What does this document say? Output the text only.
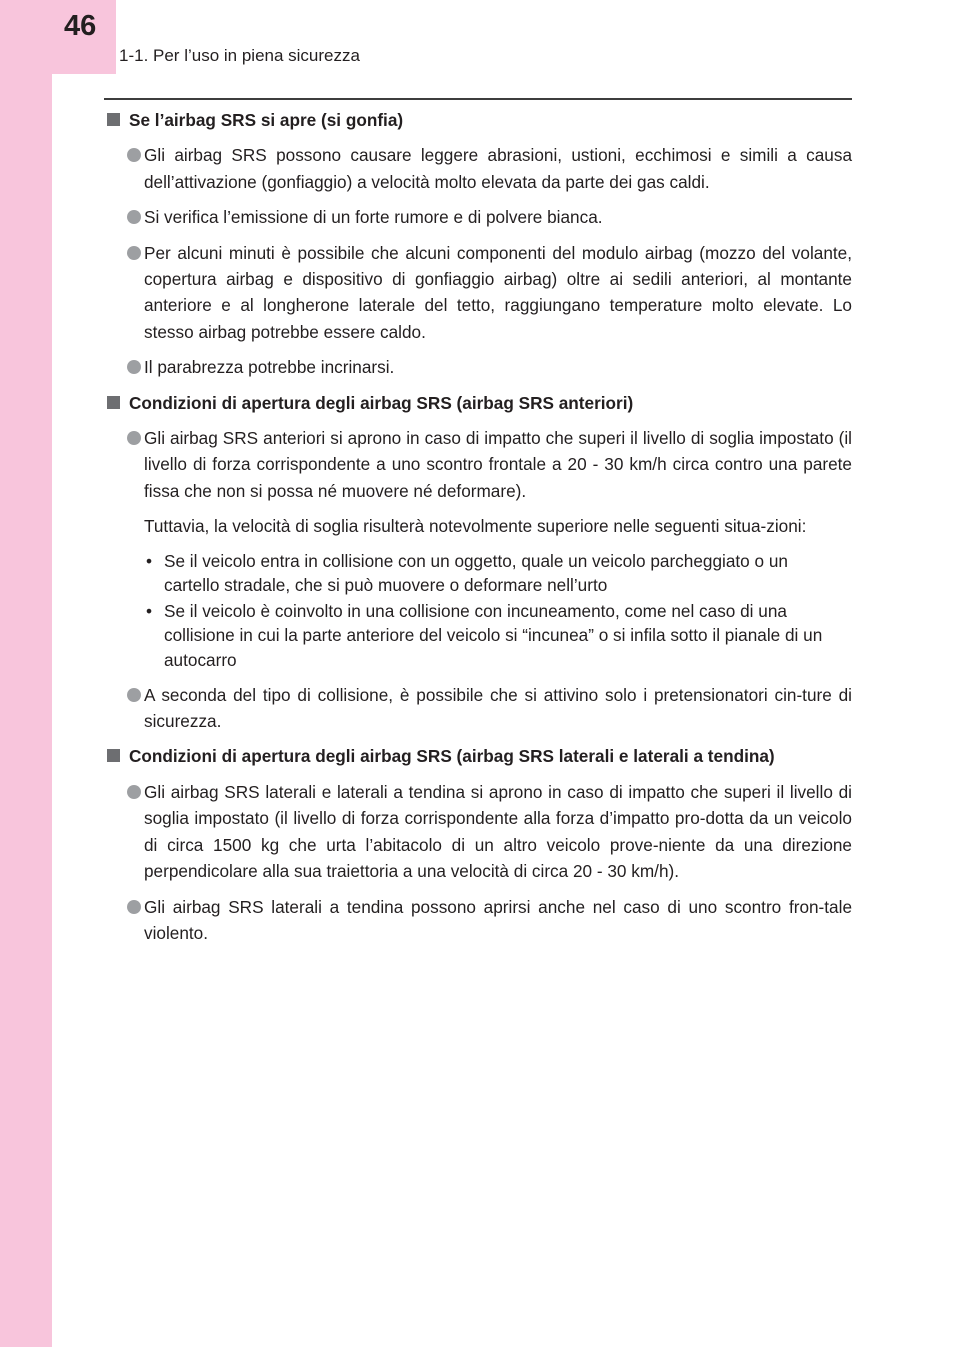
46
1-1. Per l’uso in piena sicurezza
Se l’airbag SRS si apre (si gonfia)
Gli airbag SRS possono causare leggere abrasioni, ustioni, ecchimosi e simili a causa dell’attivazione (gonfiaggio) a velocità molto elevata da parte dei gas caldi.
Si verifica l’emissione di un forte rumore e di polvere bianca.
Per alcuni minuti è possibile che alcuni componenti del modulo airbag (mozzo del volante, copertura airbag e dispositivo di gonfiaggio airbag) oltre ai sedili anteriori, al montante anteriore e al longherone laterale del tetto, raggiungano temperature molto elevate. Lo stesso airbag potrebbe essere caldo.
Il parabrezza potrebbe incrinarsi.
Condizioni di apertura degli airbag SRS (airbag SRS anteriori)
Gli airbag SRS anteriori si aprono in caso di impatto che superi il livello di soglia impostato (il livello di forza corrispondente a uno scontro frontale a 20 - 30 km/h circa contro una parete fissa che non si possa né muovere né deformare).
Tuttavia, la velocità di soglia risulterà notevolmente superiore nelle seguenti situa-zioni:
• Se il veicolo entra in collisione con un oggetto, quale un veicolo parcheggiato o un cartello stradale, che si può muovere o deformare nell’urto
• Se il veicolo è coinvolto in una collisione con incuneamento, come nel caso di una collisione in cui la parte anteriore del veicolo si “incunea” o si infila sotto il pianale di un autocarro
A seconda del tipo di collisione, è possibile che si attivino solo i pretensionatori cin-ture di sicurezza.
Condizioni di apertura degli airbag SRS (airbag SRS laterali e laterali a tendina)
Gli airbag SRS laterali e laterali a tendina si aprono in caso di impatto che superi il livello di soglia impostato (il livello di forza corrispondente alla forza d’impatto pro-dotta da un veicolo di circa 1500 kg che urta l’abitacolo di un altro veicolo prove-niente da una direzione perpendicolare alla sua traiettoria a una velocità di circa 20 - 30 km/h).
Gli airbag SRS laterali a tendina possono aprirsi anche nel caso di uno scontro fron-tale violento.
